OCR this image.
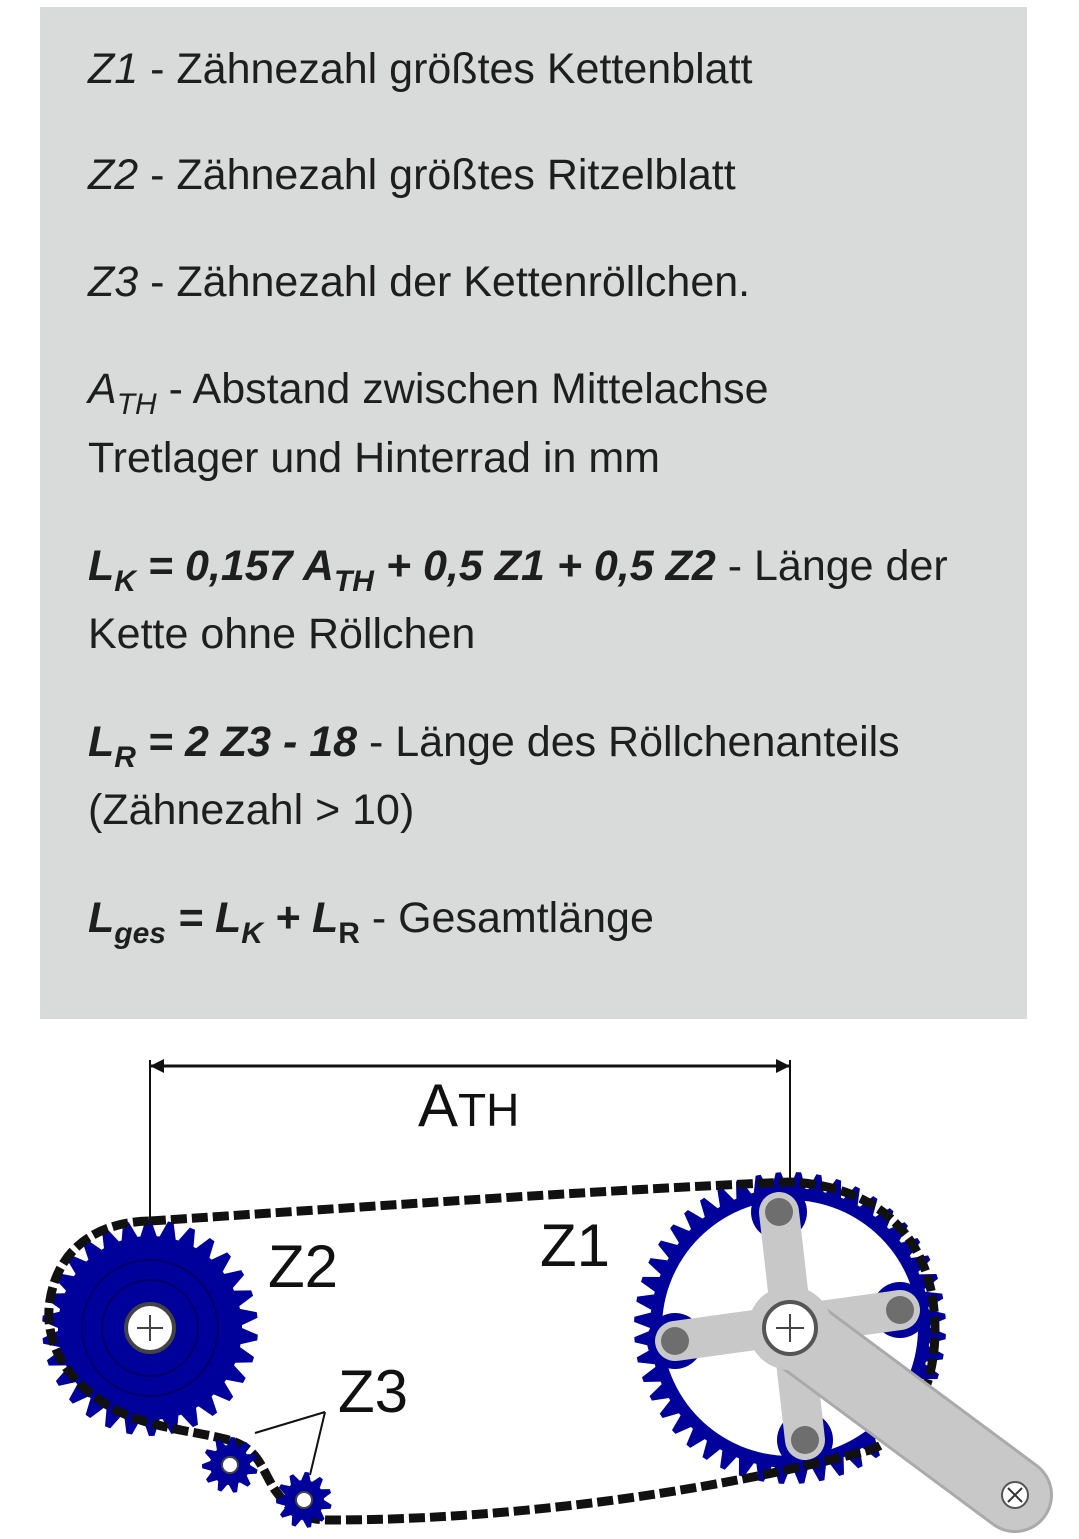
Z1 - Zähnezahl größtes Kettenblatt
Z2 - Zähnezahl größtes Ritzelblatt
Z3 - Zähnezahl der Kettenröllchen.
$A_{TH}$ - Abstand zwischen Mittelachse
Tretlager und Hinterrad in mm
$L_K = 0,157$ $A_{TH} + 0,5$ Z1 + 0,5 Z2 - Länge der
Kette ohne Röllchen
$L_R = 2$ Z3 - 18 - Länge des Röllchenanteils
(Zähnezahl > 10)
$L_{ges} = L_K + L_R$ - Gesamtlänge
ATH
Z2	Z1
Z3
